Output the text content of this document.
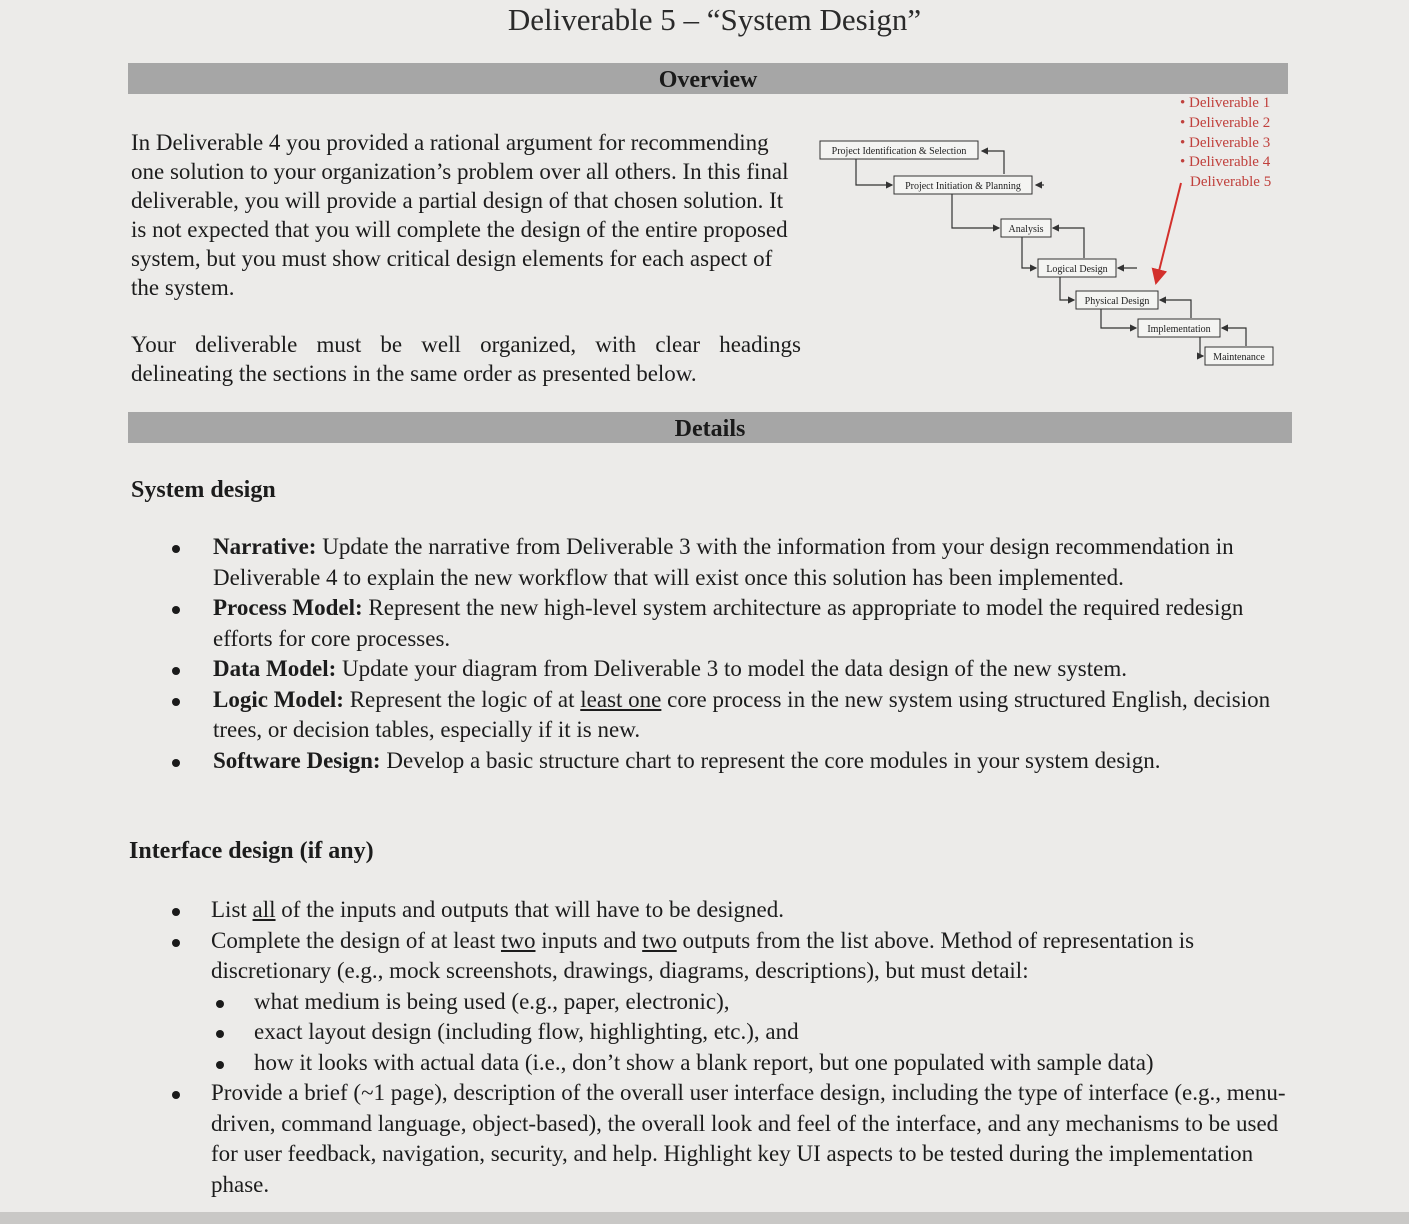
Deliverable 5 – “System Design”
Overview
In Deliverable 4 you provided a rational argument for recommending one solution to your organization’s problem over all others. In this final deliverable, you will provide a partial design of that chosen solution. It is not expected that you will complete the design of the entire proposed system, but you must show critical design elements for each aspect of the system.
Your deliverable must be well organized, with clear headings delineating the sections in the same order as presented below.
Project Identification & Selection
Project Initiation & Planning
Analysis
Logical Design
Physical Design
Implementation
Maintenance
• Deliverable 1
• Deliverable 2
• Deliverable 3
• Deliverable 4
Deliverable 5
Details
System design
Narrative: Update the narrative from Deliverable 3 with the information from your design recommendation in Deliverable 4 to explain the new workflow that will exist once this solution has been implemented.
Process Model: Represent the new high-level system architecture as appropriate to model the required redesign efforts for core processes.
Data Model: Update your diagram from Deliverable 3 to model the data design of the new system.
Logic Model: Represent the logic of at least one core process in the new system using structured English, decision trees, or decision tables, especially if it is new.
Software Design: Develop a basic structure chart to represent the core modules in your system design.
Interface design (if any)
List all of the inputs and outputs that will have to be designed.
Complete the design of at least two inputs and two outputs from the list above. Method of representation is discretionary (e.g., mock screenshots, drawings, diagrams, descriptions), but must detail:
what medium is being used (e.g., paper, electronic),
exact layout design (including flow, highlighting, etc.), and
how it looks with actual data (i.e., don’t show a blank report, but one populated with sample data)
Provide a brief (~1 page), description of the overall user interface design, including the type of interface (e.g., menu-driven, command language, object-based), the overall look and feel of the interface, and any mechanisms to be used for user feedback, navigation, security, and help. Highlight key UI aspects to be tested during the implementation phase.
